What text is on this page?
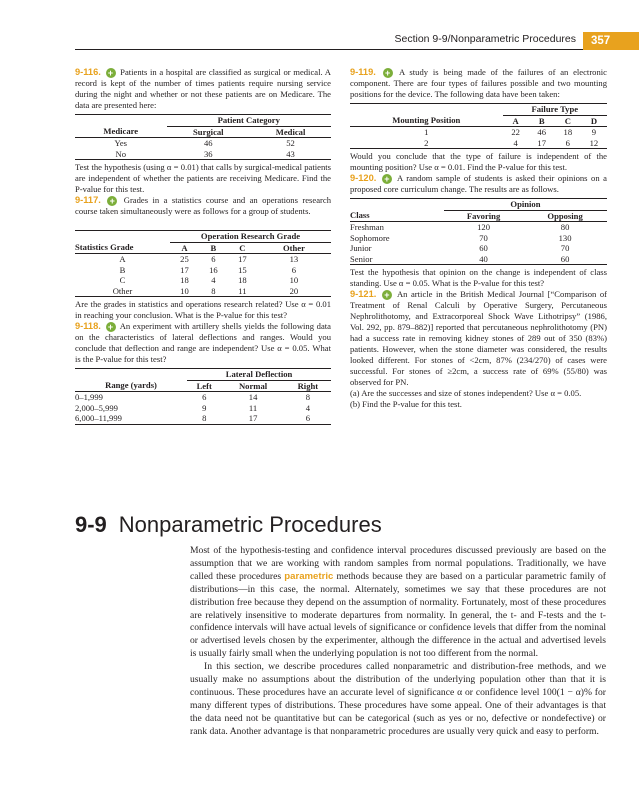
Section 9-9/Nonparametric Procedures	357

9-116. + Patients in a hospital are classified as surgical or medical. A record is kept of the number of times patients require nursing service during the night and whether or not these patients are on Medicare. The data are presented here:

	Patient Category	
Medicare	Surgical	Medical
Yes	46	52
No	36	43

Test the hypothesis (using α = 0.01) that calls by surgical-medical patients are independent of whether the patients are receiving Medicare. Find the P-value for this test.

9-117. + Grades in a statistics course and an operations research course taken simultaneously were as follows for a group of students.

	Operation Research Grade			
Statistics Grade	A	B	C	Other
A	25	6	17	13
B	17	16	15	6
C	18	4	18	10
Other	10	8	11	20

Are the grades in statistics and operations research related? Use α = 0.01 in reaching your conclusion. What is the P-value for this test?

9-118. + An experiment with artillery shells yields the following data on the characteristics of lateral deflections and ranges. Would you conclude that deflection and range are independent? Use α = 0.05. What is the P-value for this test?

	Lateral Deflection		
Range (yards)	Left	Normal	Right
0–1,999	6	14	8
2,000–5,999	9	11	4
6,000–11,999	8	17	6

9-119. + A study is being made of the failures of an electronic component. There are four types of failures possible and two mounting positions for the device. The following data have been taken:

	Failure Type			
Mounting Position	A	B	C	D
1	22	46	18	9
2	4	17	6	12

Would you conclude that the type of failure is independent of the mounting position? Use α = 0.01. Find the P-value for this test.

9-120. + A random sample of students is asked their opinions on a proposed core curriculum change. The results are as follows.

	Opinion	
Class	Favoring	Opposing
Freshman	120	80
Sophomore	70	130
Junior	60	70
Senior	40	60

Test the hypothesis that opinion on the change is independent of class standing. Use α = 0.05. What is the P-value for this test?

9-121. + An article in the British Medical Journal [“Comparison of Treatment of Renal Calculi by Operative Surgery, Percutaneous Nephrolithotomy, and Extracorporeal Shock Wave Lithotripsy” (1986, Vol. 292, pp. 879–882)] reported that percutaneous nephrolithotomy (PN) had a success rate in removing kidney stones of 289 out of 350 (83%) patients. However, when the stone diameter was considered, the results looked different. For stones of <2cm, 87% (234/270) of cases were successful. For stones of ≥2cm, a success rate of 69% (55/80) was observed for PN.

(a) Are the successes and size of stones independent? Use α = 0.05.

(b) Find the P-value for this test.

9-9 Nonparametric Procedures

Most of the hypothesis-testing and confidence interval procedures discussed previously are based on the assumption that we are working with random samples from normal populations. Traditionally, we have called these procedures parametric methods because they are based on a particular parametric family of distributions—in this case, the normal. Alternately, sometimes we say that these procedures are not distribution free because they depend on the assumption of normality. Fortunately, most of these procedures are relatively insensitive to moderate departures from normality. In general, the t- and F-tests and the t-confidence intervals will have actual levels of significance or confidence levels that differ from the nominal or advertised levels chosen by the experimenter, although the difference in the actual and advertised levels is usually fairly small when the underlying population is not too different from the normal.

In this section, we describe procedures called nonparametric and distribution-free methods, and we usually make no assumptions about the distribution of the underlying population other than that it is continuous. These procedures have an accurate level of significance α or confidence level 100(1 − α)% for many different types of distributions. These procedures have some appeal. One of their advantages is that the data need not be quantitative but can be categorical (such as yes or no, defective or nondefective) or rank data. Another advantage is that nonparametric procedures are usually very quick and easy to perform.
